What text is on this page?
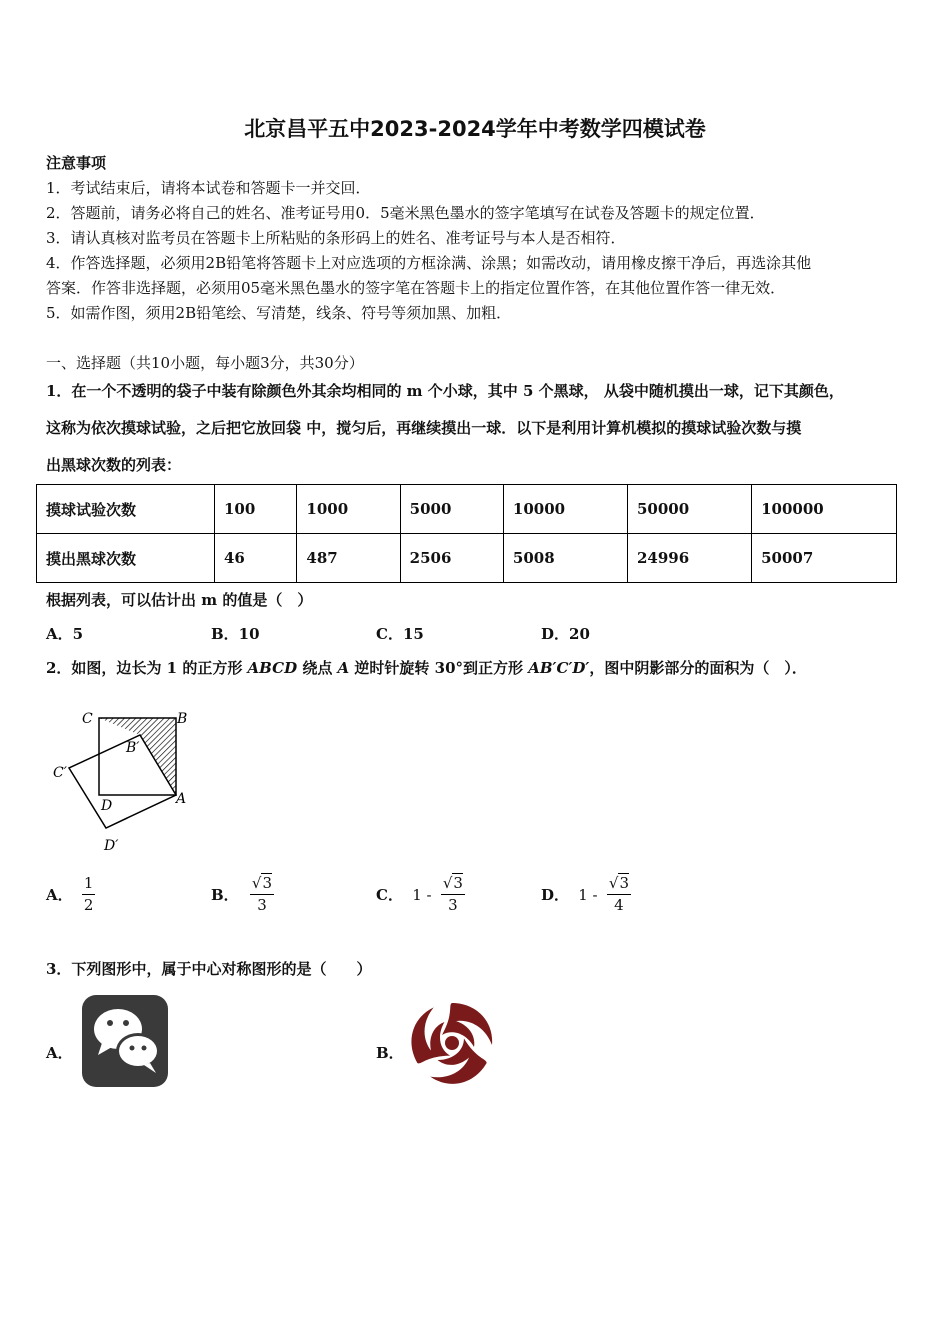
北京昌平五中2023-2024学年中考数学四模试卷
注意事项
1．考试结束后，请将本试卷和答题卡一并交回．
2．答题前，请务必将自己的姓名、准考证号用0．5毫米黑色墨水的签字笔填写在试卷及答题卡的规定位置．
3．请认真核对监考员在答题卡上所粘贴的条形码上的姓名、准考证号与本人是否相符．
4．作答选择题，必须用2B铅笔将答题卡上对应选项的方框涂满、涂黑；如需改动，请用橡皮擦干净后，再选涂其他
答案．作答非选择题，必须用05毫米黑色墨水的签字笔在答题卡上的指定位置作答，在其他位置作答一律无效．
5．如需作图，须用2B铅笔绘、写清楚，线条、符号等须加黑、加粗．
一、选择题（共10小题，每小题3分，共30分）
1．在一个不透明的袋子中装有除颜色外其余均相同的 m 个小球，其中 5 个黑球， 从袋中随机摸出一球，记下其颜色，
这称为依次摸球试验，之后把它放回袋 中，搅匀后，再继续摸出一球．以下是利用计算机模拟的摸球试验次数与摸
出黑球次数的列表：
摸球试验次数	100	1000	5000	10000	50000	100000
摸出黑球次数	46	487	2506	5008	24996	50007
根据列表，可以估计出 m 的值是（　）
A．5	B．10	C．15	D．20
2．如图，边长为 1 的正方形 ABCD 绕点 A 逆时针旋转 30°到正方形 AB′C′D′，图中阴影部分的面积为（　）．
C	B
B′
C′
D	A
D′
A． $\frac{1}{2}$	B． $\frac{√3}{3}$	C． $1 - \frac{√3}{3}$	D． $1 - \frac{√3}{4}$
3．下列图形中，属于中心对称图形的是（　　）
A．	B．
